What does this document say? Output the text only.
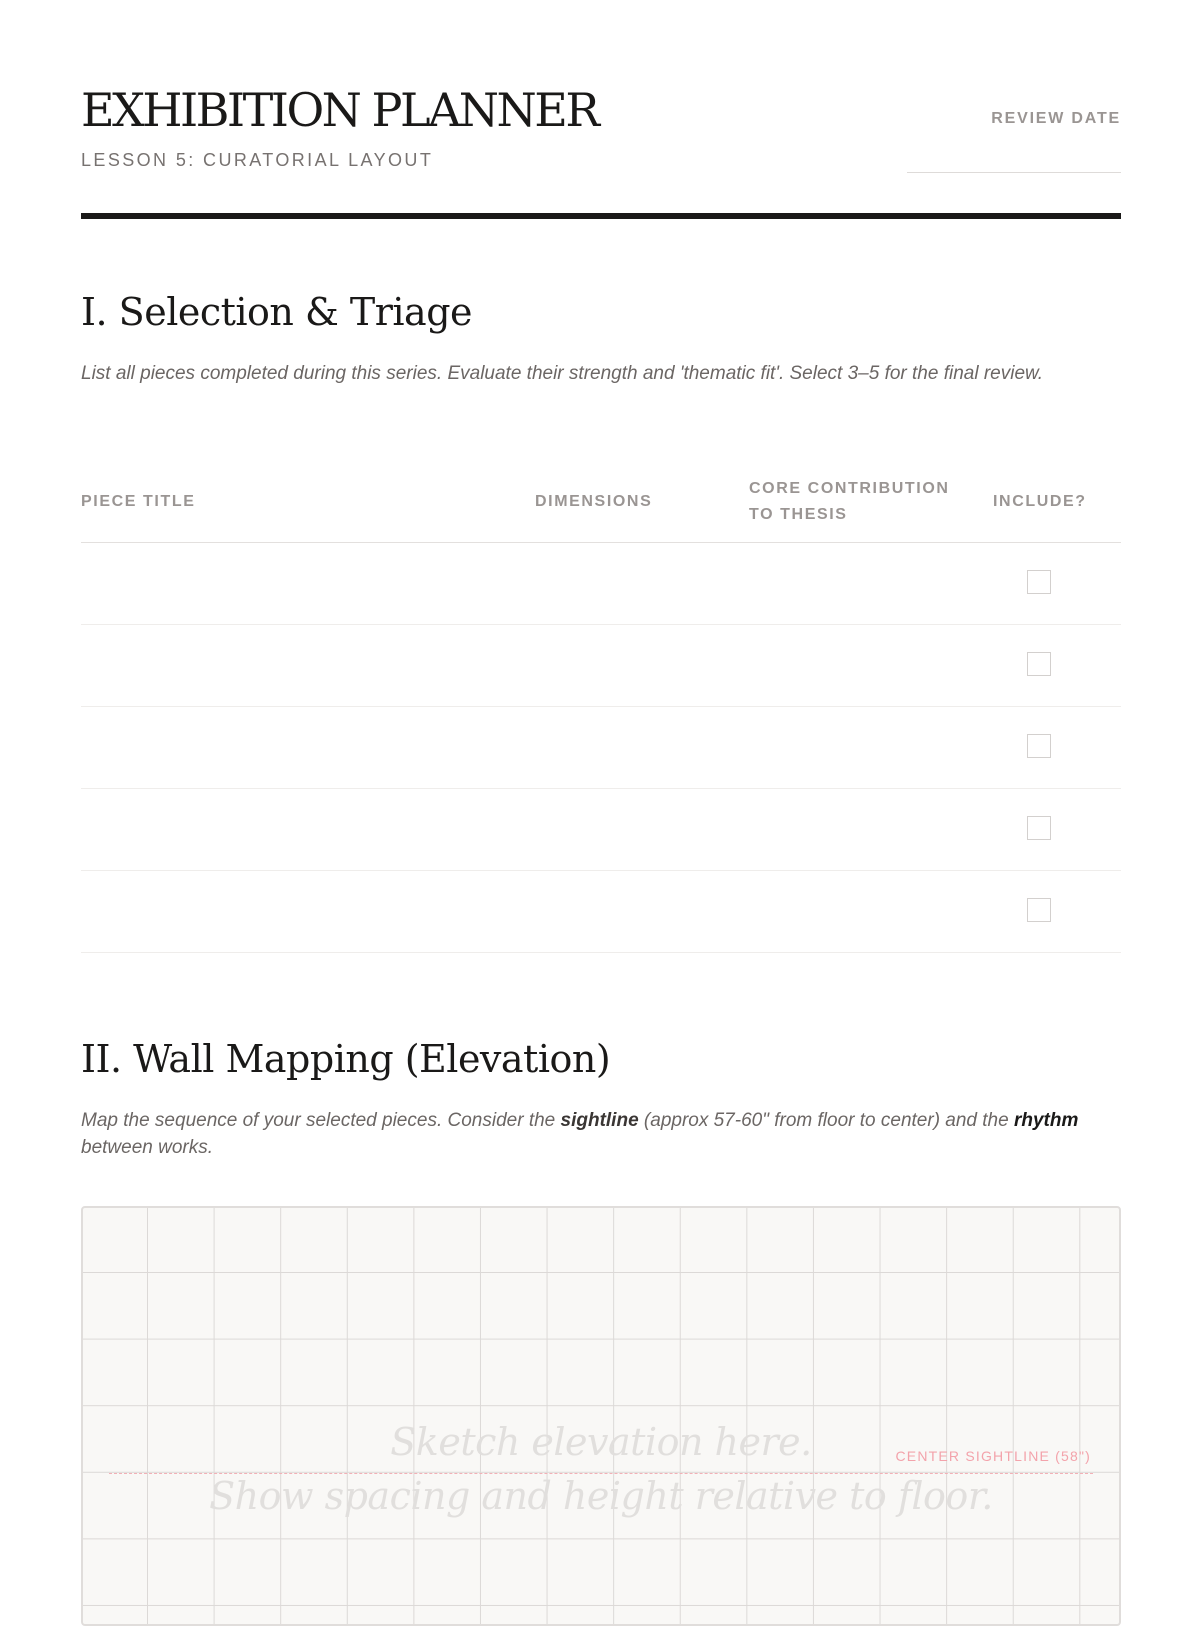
EXHIBITION PLANNER
LESSON 5: CURATORIAL LAYOUT
REVIEW DATE
I. Selection & Triage

List all pieces completed during this series. Evaluate their strength and 'thematic fit'. Select 3–5 for the final review.

PIECE TITLE	DIMENSIONS
CORE CONTRIBUTION TO THESIS
INCLUDE?
II. Wall Mapping (Elevation)

Map the sequence of your selected pieces. Consider the sightline (approx 57-60" from floor to center) and the rhythm between works.

Sketch elevation here.	CENTER SIGHTLINE (58")
Show spacing and height relative to floor.
